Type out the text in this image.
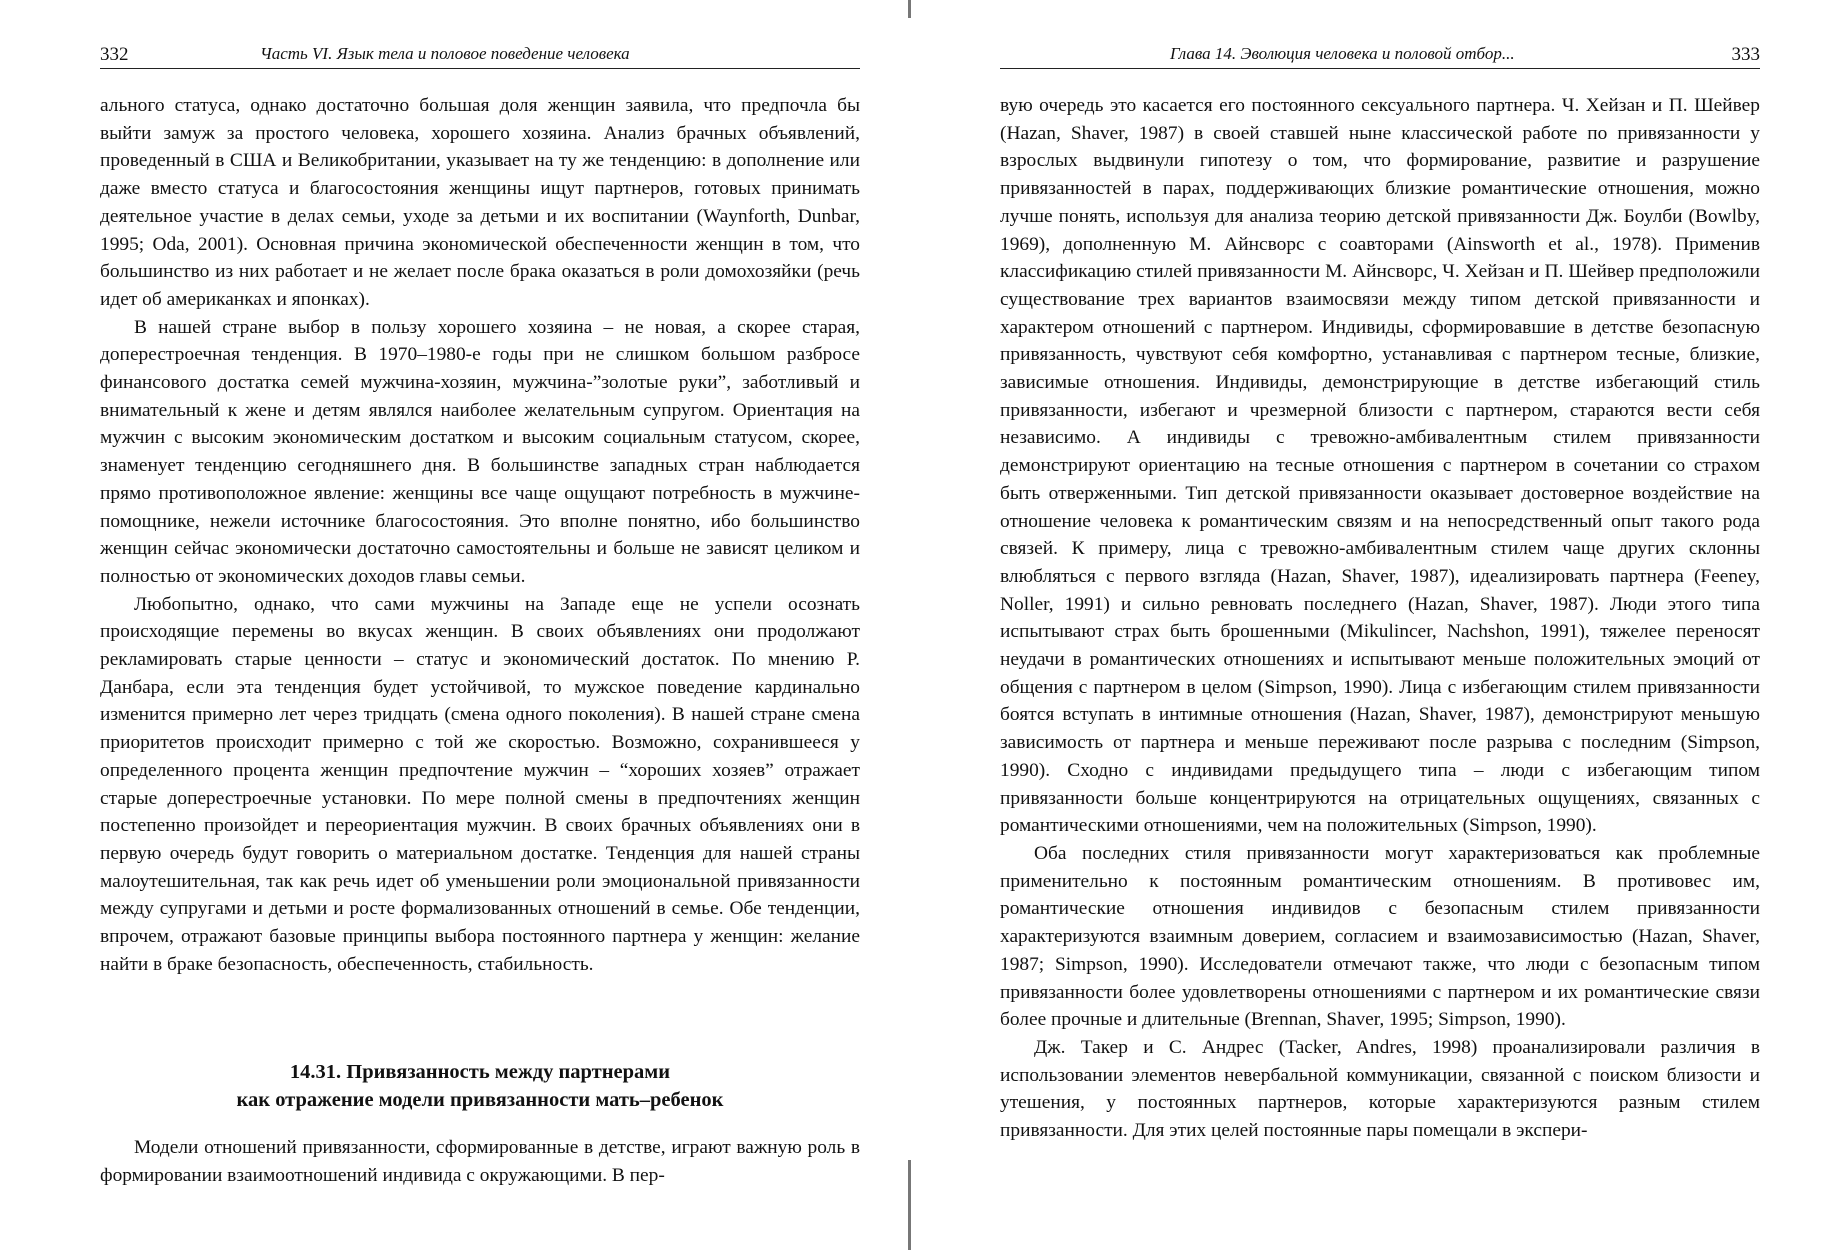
332	Часть VI. Язык тела и половое поведение человека

ального статуса, однако достаточно большая доля женщин заявила, что предпочла бы выйти замуж за простого человека, хорошего хозяина. Анализ брачных объявлений, проведенный в США и Великобритании, указывает на ту же тенденцию: в дополнение или даже вместо статуса и благосостояния женщины ищут партнеров, готовых принимать деятельное участие в делах семьи, уходе за детьми и их воспитании (Waynforth, Dunbar, 1995; Oda, 2001). Основная причина экономической обеспеченности женщин в том, что большинство из них работает и не желает после брака оказаться в роли домохозяйки (речь идет об американках и японках).

В нашей стране выбор в пользу хорошего хозяина – не новая, а скорее старая, доперестроечная тенденция. В 1970–1980-е годы при не слишком большом разбросе финансового достатка семей мужчина-хозяин, мужчина-”золотые руки”, заботливый и внимательный к жене и детям являлся наиболее желательным супругом. Ориентация на мужчин с высоким экономическим достатком и высоким социальным статусом, скорее, знаменует тенденцию сегодняшнего дня. В большинстве западных стран наблюдается прямо противоположное явление: женщины все чаще ощущают потребность в мужчине-помощнике, нежели источнике благосостояния. Это вполне понятно, ибо большинство женщин сейчас экономически достаточно самостоятельны и больше не зависят целиком и полностью от экономических доходов главы семьи.

Любопытно, однако, что сами мужчины на Западе еще не успели осознать происходящие перемены во вкусах женщин. В своих объявлениях они продолжают рекламировать старые ценности – статус и экономический достаток. По мнению Р. Данбара, если эта тенденция будет устойчивой, то мужское поведение кардинально изменится примерно лет через тридцать (смена одного поколения). В нашей стране смена приоритетов происходит примерно с той же скоростью. Возможно, сохранившееся у определенного процента женщин предпочтение мужчин – “хороших хозяев” отражает старые доперестроечные установки. По мере полной смены в предпочтениях женщин постепенно произойдет и переориентация мужчин. В своих брачных объявлениях они в первую очередь будут говорить о материальном достатке. Тенденция для нашей страны малоутешительная, так как речь идет об уменьшении роли эмоциональной привязанности между супругами и детьми и росте формализованных отношений в семье. Обе тенденции, впрочем, отражают базовые принципы выбора постоянного партнера у женщин: желание найти в браке безопасность, обеспеченность, стабильность.

14.31. Привязанность между партнерами
как отражение модели привязанности мать–ребенок

Модели отношений привязанности, сформированные в детстве, играют важную роль в формировании взаимоотношений индивида с окружающими. В пер-

Глава 14. Эволюция человека и половой отбор...	333

вую очередь это касается его постоянного сексуального партнера. Ч. Хейзан и П. Шейвер (Hazan, Shaver, 1987) в своей ставшей ныне классической работе по привязанности у взрослых выдвинули гипотезу о том, что формирование, развитие и разрушение привязанностей в парах, поддерживающих близкие романтические отношения, можно лучше понять, используя для анализа теорию детской привязанности Дж. Боулби (Bowlby, 1969), дополненную М. Айнсворс с соавторами (Ainsworth et al., 1978). Применив классификацию стилей привязанности М. Айнсворс, Ч. Хейзан и П. Шейвер предположили существование трех вариантов взаимосвязи между типом детской привязанности и характером отношений с партнером. Индивиды, сформировавшие в детстве безопасную привязанность, чувствуют себя комфортно, устанавливая с партнером тесные, близкие, зависимые отношения. Индивиды, демонстрирующие в детстве избегающий стиль привязанности, избегают и чрезмерной близости с партнером, стараются вести себя независимо. А индивиды с тревожно-амбивалентным стилем привязанности демонстрируют ориентацию на тесные отношения с партнером в сочетании со страхом быть отверженными. Тип детской привязанности оказывает достоверное воздействие на отношение человека к романтическим связям и на непосредственный опыт такого рода связей. К примеру, лица с тревожно-амбивалентным стилем чаще других склонны влюбляться с первого взгляда (Hazan, Shaver, 1987), идеализировать партнера (Feeney, Noller, 1991) и сильно ревновать последнего (Hazan, Shaver, 1987). Люди этого типа испытывают страх быть брошенными (Mikulincer, Nachshon, 1991), тяжелее переносят неудачи в романтических отношениях и испытывают меньше положительных эмоций от общения с партнером в целом (Simpson, 1990). Лица с избегающим стилем привязанности боятся вступать в интимные отношения (Hazan, Shaver, 1987), демонстрируют меньшую зависимость от партнера и меньше переживают после разрыва с последним (Simpson, 1990). Сходно с индивидами предыдущего типа – люди с избегающим типом привязанности больше концентрируются на отрицательных ощущениях, связанных с романтическими отношениями, чем на положительных (Simpson, 1990).

Оба последних стиля привязанности могут характеризоваться как проблемные применительно к постоянным романтическим отношениям. В противовес им, романтические отношения индивидов с безопасным стилем привязанности характеризуются взаимным доверием, согласием и взаимозависимостью (Hazan, Shaver, 1987; Simpson, 1990). Исследователи отмечают также, что люди с безопасным типом привязанности более удовлетворены отношениями с партнером и их романтические связи более прочные и длительные (Brennan, Shaver, 1995; Simpson, 1990).

Дж. Такер и С. Андрес (Tacker, Andres, 1998) проанализировали различия в использовании элементов невербальной коммуникации, связанной с поиском близости и утешения, у постоянных партнеров, которые характеризуются разным стилем привязанности. Для этих целей постоянные пары помещали в экспери-
